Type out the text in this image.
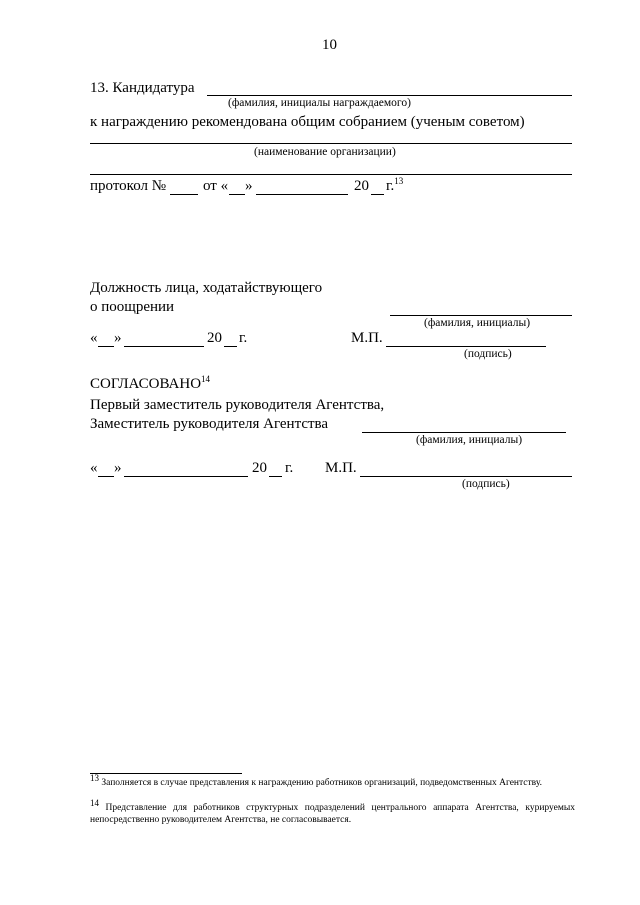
10
13. Кандидатура
(фамилия, инициалы награждаемого)
к награждению рекомендована общим собранием (ученым советом)
(наименование организации)
протокол № от « »	20 г.$^{13}$
Должность лица, ходатайствующего
о поощрении
(фамилия, инициалы)
« »	20 г.	М.П.
(подпись)
СОГЛАСОВАНО$^{14}$
Первый заместитель руководителя Агентства,
Заместитель руководителя Агентства
(фамилия, инициалы)
« »	20 г. М.П.
(подпись)
$^{13}$ Заполняется в случае представления к награждению работников организаций, подведомственных Агентству.
$^{14}$ Представление для работников структурных подразделений центрального аппарата Агентства, курируемых непосредственно руководителем Агентства, не согласовывается.
